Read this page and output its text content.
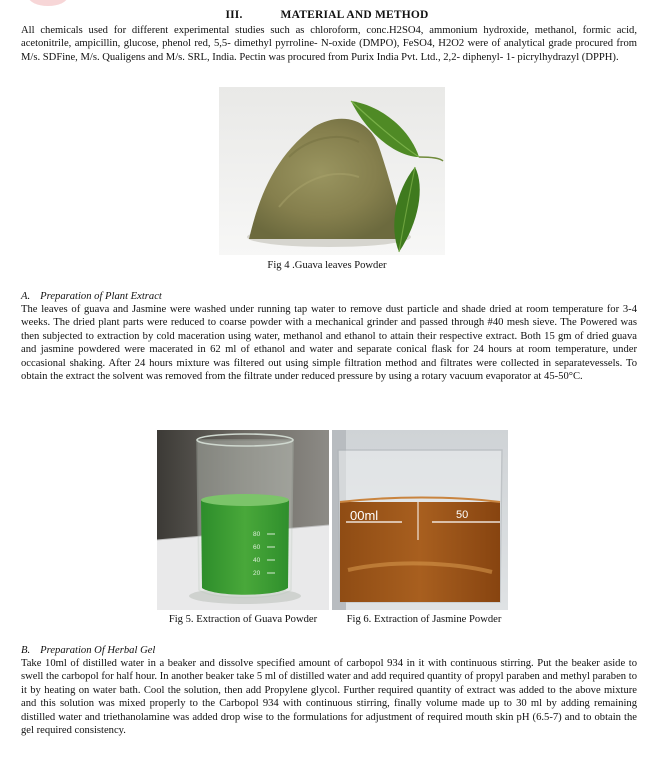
III.	MATERIAL AND METHOD

All chemicals used for different experimental studies such as chloroform, conc.H2SO4, ammonium hydroxide, methanol, formic acid, acetonitrile, ampicillin, glucose, phenol red, 5,5- dimethyl pyrroline- N-oxide (DMPO), FeSO4, H2O2 were of analytical grade procured from M/s. SDFine, M/s. Qualigens and M/s. SRL, India. Pectin was procured from Purix India Pvt. Ltd., 2,2- diphenyl- 1- picrylhydrazyl (DPPH).

Fig 4 .Guava leaves Powder

A. Preparation of Plant Extract

The leaves of guava and Jasmine were washed under running tap water to remove dust particle and shade dried at room temperature for 3-4 weeks. The dried plant parts were reduced to coarse powder with a mechanical grinder and passed through #40 mesh sieve. The Powered was then subjected to extraction by cold maceration using water, methanol and ethanol to attain their respective extract. Both 15 gm of dried guava and jasmine powdered were macerated in 62 ml of ethanol and water and separate conical flask for 24 hours at room temperature, under occasional shaking. After 24 hours mixture was filtered out using simple filtration method and filtrates were collected in separatevessels. To obtain the extract the solvent was removed from the filtrate under reduced pressure by using a rotary vacuum evaporator at 45-50°C.

80
60
40
20
00ml	50

Fig 5. Extraction of Guava Powder	Fig 6. Extraction of Jasmine Powder

B. Preparation Of Herbal Gel

Take 10ml of distilled water in a beaker and dissolve specified amount of carbopol 934 in it with continuous stirring. Put the beaker aside to swell the carbopol for half hour. In another beaker take 5 ml of distilled water and add required quantity of propyl paraben and methyl paraben to it by heating on water bath. Cool the solution, then add Propylene glycol. Further required quantity of extract was added to the above mixture and this solution was mixed properly to the Carbopol 934 with continuous stirring, finally volume made up to 30 ml by adding remaining distilled water and triethanolamine was added drop wise to the formulations for adjustment of required mouth skin pH (6.5-7) and to obtain the gel required consistency.
